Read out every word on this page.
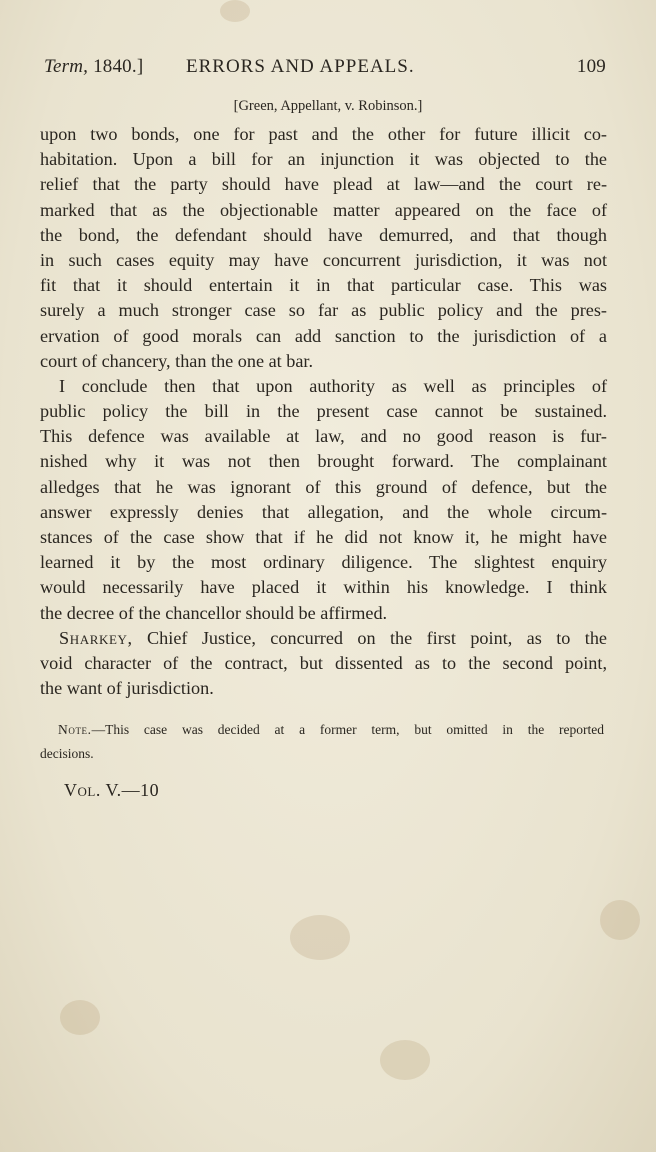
Term, 1840.] ERRORS AND APPEALS.	109
[Green, Appellant, v. Robinson.]
upon two bonds, one for past and the other for future illicit co-
habitation. Upon a bill for an injunction it was objected to the
relief that the party should have plead at law—and the court re-
marked that as the objectionable matter appeared on the face of
the bond, the defendant should have demurred, and that though
in such cases equity may have concurrent jurisdiction, it was not
fit that it should entertain it in that particular case. This was
surely a much stronger case so far as public policy and the pres-
ervation of good morals can add sanction to the jurisdiction of a
court of chancery, than the one at bar.
I conclude then that upon authority as well as principles of
public policy the bill in the present case cannot be sustained.
This defence was available at law, and no good reason is fur-
nished why it was not then brought forward. The complainant
alledges that he was ignorant of this ground of defence, but the
answer expressly denies that allegation, and the whole circum-
stances of the case show that if he did not know it, he might have
learned it by the most ordinary diligence. The slightest enquiry
would necessarily have placed it within his knowledge. I think
the decree of the chancellor should be affirmed.
Sharkey, Chief Justice, concurred on the first point, as to the
void character of the contract, but dissented as to the second point,
the want of jurisdiction.
Note.—This case was decided at a former term, but omitted in the reported
decisions.
Vol. V.—10
